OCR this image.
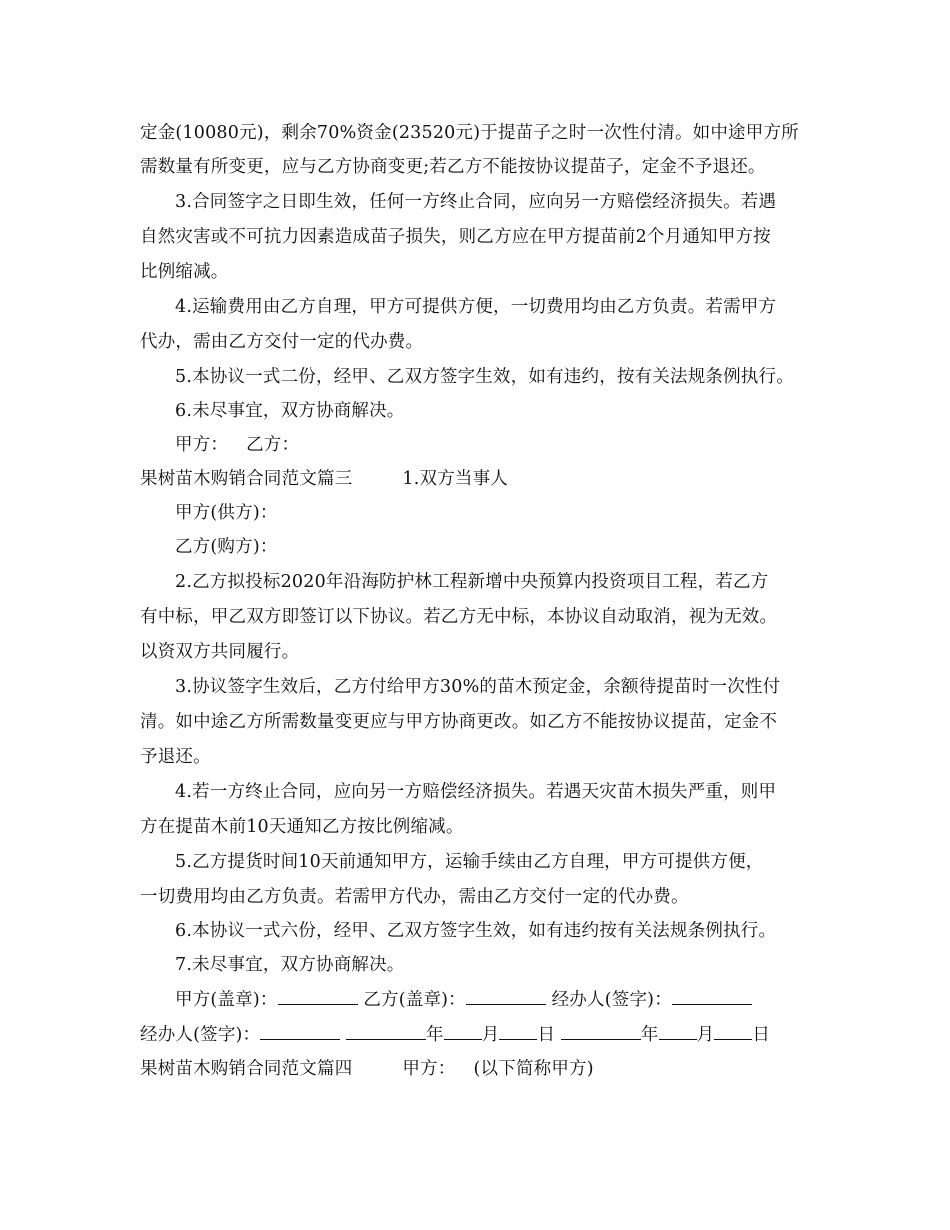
定金(10080元)，剩余70%资金(23520元)于提苗子之时一次性付清。如中途甲方所
需数量有所变更，应与乙方协商变更;若乙方不能按协议提苗子，定金不予退还。
3.合同签字之日即生效，任何一方终止合同，应向另一方赔偿经济损失。若遇
自然灾害或不可抗力因素造成苗子损失，则乙方应在甲方提苗前2个月通知甲方按
比例缩减。
4.运输费用由乙方自理，甲方可提供方便，一切费用均由乙方负责。若需甲方
代办，需由乙方交付一定的代办费。
5.本协议一式二份，经甲、乙双方签字生效，如有违约，按有关法规条例执行。
6.未尽事宜，双方协商解决。
甲方： 乙方：
果树苗木购销合同范文篇三	1.双方当事人
甲方(供方)：
乙方(购方)：
2.乙方拟投标2020年沿海防护林工程新增中央预算内投资项目工程，若乙方
有中标，甲乙双方即签订以下协议。若乙方无中标，本协议自动取消，视为无效。
以资双方共同履行。
3.协议签字生效后，乙方付给甲方30%的苗木预定金，余额待提苗时一次性付
清。如中途乙方所需数量变更应与甲方协商更改。如乙方不能按协议提苗，定金不
予退还。
4.若一方终止合同，应向另一方赔偿经济损失。若遇天灾苗木损失严重，则甲
方在提苗木前10天通知乙方按比例缩减。
5.乙方提货时间10天前通知甲方，运输手续由乙方自理，甲方可提供方便，
一切费用均由乙方负责。若需甲方代办，需由乙方交付一定的代办费。
6.本协议一式六份，经甲、乙双方签字生效，如有违约按有关法规条例执行。
7.未尽事宜，双方协商解决。
甲方(盖章)：	乙方(盖章)：	经办人(签字)：
经办人(签字)：	年 月 日	年 月 日
果树苗木购销合同范文篇四	甲方： (以下简称甲方)
